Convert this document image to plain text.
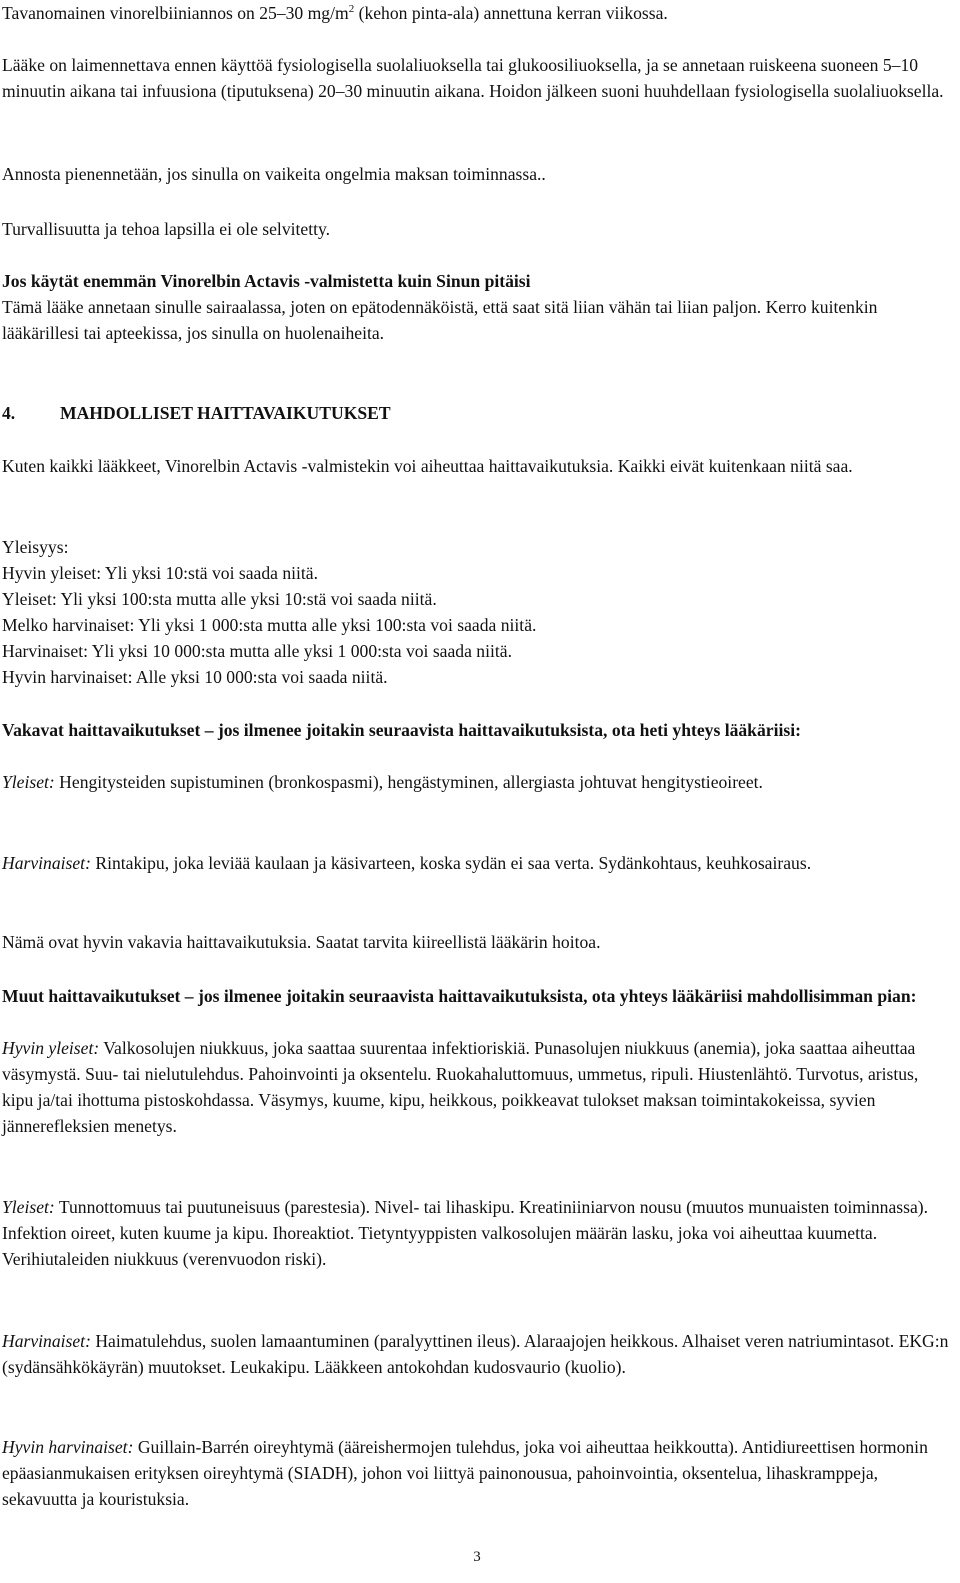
Tavanomainen vinorelbiiniannos on 25–30 $mg/m^2$ (kehon pinta-ala) annettuna kerran viikossa.

Lääke on laimennettava ennen käyttöä fysiologisella suolaliuoksella tai glukoosiliuoksella, ja se annetaan ruiskeena suoneen 5–10 minuutin aikana tai infuusiona (tiputuksena) 20–30 minuutin aikana. Hoidon jälkeen suoni huuhdellaan fysiologisella suolaliuoksella.

Annosta pienennetään, jos sinulla on vaikeita ongelmia maksan toiminnassa..

Turvallisuutta ja tehoa lapsilla ei ole selvitetty.

Jos käytät enemmän Vinorelbin Actavis -valmistetta kuin Sinun pitäisi

Tämä lääke annetaan sinulle sairaalassa, joten on epätodennäköistä, että saat sitä liian vähän tai liian paljon. Kerro kuitenkin lääkärillesi tai apteekissa, jos sinulla on huolenaiheita.

4.	MAHDOLLISET HAITTAVAIKUTUKSET

Kuten kaikki lääkkeet, Vinorelbin Actavis -valmistekin voi aiheuttaa haittavaikutuksia. Kaikki eivät kuitenkaan niitä saa.

Yleisyys:

Hyvin yleiset: Yli yksi 10:stä voi saada niitä.

Yleiset: Yli yksi 100:sta mutta alle yksi 10:stä voi saada niitä.

Melko harvinaiset: Yli yksi 1 000:sta mutta alle yksi 100:sta voi saada niitä.

Harvinaiset: Yli yksi 10 000:sta mutta alle yksi 1 000:sta voi saada niitä.

Hyvin harvinaiset: Alle yksi 10 000:sta voi saada niitä.

Vakavat haittavaikutukset – jos ilmenee joitakin seuraavista haittavaikutuksista, ota heti yhteys lääkäriisi:

Yleiset: Hengitysteiden supistuminen (bronkospasmi), hengästyminen, allergiasta johtuvat hengitystieoireet.

Harvinaiset: Rintakipu, joka leviää kaulaan ja käsivarteen, koska sydän ei saa verta. Sydänkohtaus, keuhkosairaus.

Nämä ovat hyvin vakavia haittavaikutuksia. Saatat tarvita kiireellistä lääkärin hoitoa.

Muut haittavaikutukset – jos ilmenee joitakin seuraavista haittavaikutuksista, ota yhteys lääkäriisi mahdollisimman pian:

Hyvin yleiset: Valkosolujen niukkuus, joka saattaa suurentaa infektioriskiä. Punasolujen niukkuus (anemia), joka saattaa aiheuttaa väsymystä. Suu- tai nielutulehdus. Pahoinvointi ja oksentelu. Ruokahaluttomuus, ummetus, ripuli. Hiustenlähtö. Turvotus, aristus, kipu ja/tai ihottuma pistoskohdassa. Väsymys, kuume, kipu, heikkous, poikkeavat tulokset maksan toimintakokeissa, syvien jännerefleksien menetys.

Yleiset: Tunnottomuus tai puutuneisuus (parestesia). Nivel- tai lihaskipu. Kreatiniiniarvon nousu (muutos munuaisten toiminnassa). Infektion oireet, kuten kuume ja kipu. Ihoreaktiot. Tietyntyyppisten valkosolujen määrän lasku, joka voi aiheuttaa kuumetta. Verihiutaleiden niukkuus (verenvuodon riski).

Harvinaiset: Haimatulehdus, suolen lamaantuminen (paralyyttinen ileus). Alaraajojen heikkous. Alhaiset veren natriumintasot. EKG:n (sydänsähkökäyrän) muutokset. Leukakipu. Lääkkeen antokohdan kudosvaurio (kuolio).

Hyvin harvinaiset: Guillain-Barrén oireyhtymä (ääreishermojen tulehdus, joka voi aiheuttaa heikkoutta). Antidiureettisen hormonin epäasianmukaisen erityksen oireyhtymä (SIADH), johon voi liittyä painonousua, pahoinvointia, oksentelua, lihaskramppeja, sekavuutta ja kouristuksia.

3
